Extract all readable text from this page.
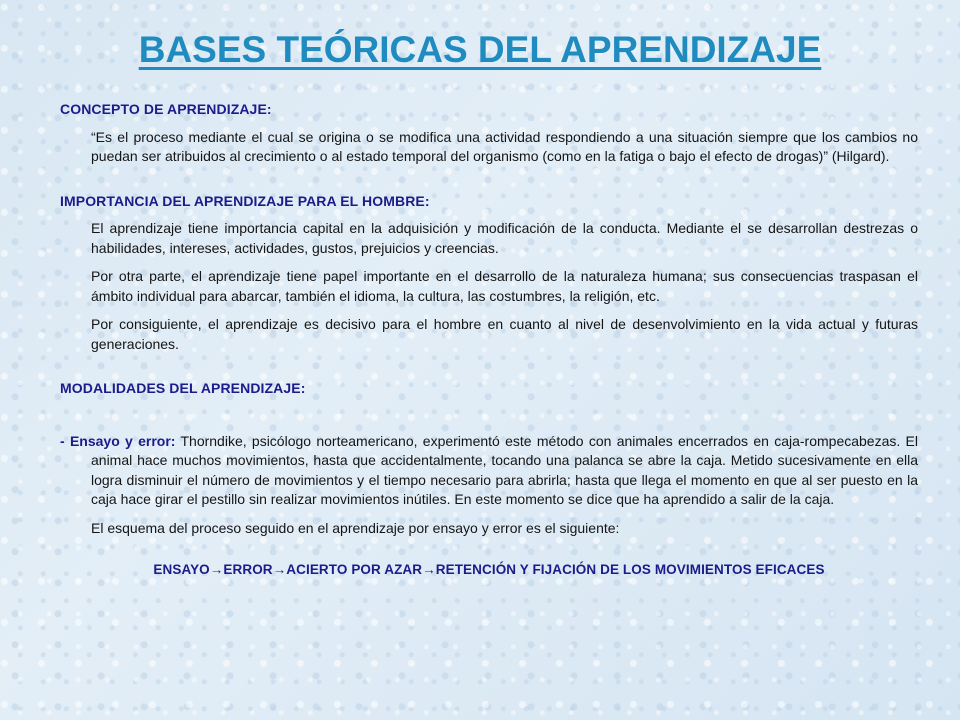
BASES TEÓRICAS DEL APRENDIZAJE
CONCEPTO DE APRENDIZAJE:

“Es el proceso mediante el cual se origina o se modifica una actividad respondiendo a una situación siempre que los cambios no puedan ser atribuidos al crecimiento o al estado temporal del organismo (como en la fatiga o bajo el efecto de drogas)” (Hilgard).

IMPORTANCIA DEL APRENDIZAJE PARA EL HOMBRE:

El aprendizaje tiene importancia capital en la adquisición y modificación de la conducta. Mediante el se desarrollan destrezas o habilidades, intereses, actividades, gustos, prejuicios y creencias.

Por otra parte, el aprendizaje tiene papel importante en el desarrollo de la naturaleza humana; sus consecuencias traspasan el ámbito individual para abarcar, también el idioma, la cultura, las costumbres, la religión, etc.

Por consiguiente, el aprendizaje es decisivo para el hombre en cuanto al nivel de desenvolvimiento en la vida actual y futuras generaciones.

MODALIDADES DEL APRENDIZAJE:

- Ensayo y error: Thorndike, psicólogo norteamericano, experimentó este método con animales encerrados en caja-rompecabezas. El animal hace muchos movimientos, hasta que accidentalmente, tocando una palanca se abre la caja. Metido sucesivamente en ella logra disminuir el número de movimientos y el tiempo necesario para abrirla; hasta que llega el momento en que al ser puesto en la caja hace girar el pestillo sin realizar movimientos inútiles. En este momento se dice que ha aprendido a salir de la caja.

El esquema del proceso seguido en el aprendizaje por ensayo y error es el siguiente:

ENSAYO→ERROR→ACIERTO POR AZAR→RETENCIÓN Y FIJACIÓN DE LOS MOVIMIENTOS EFICACES
